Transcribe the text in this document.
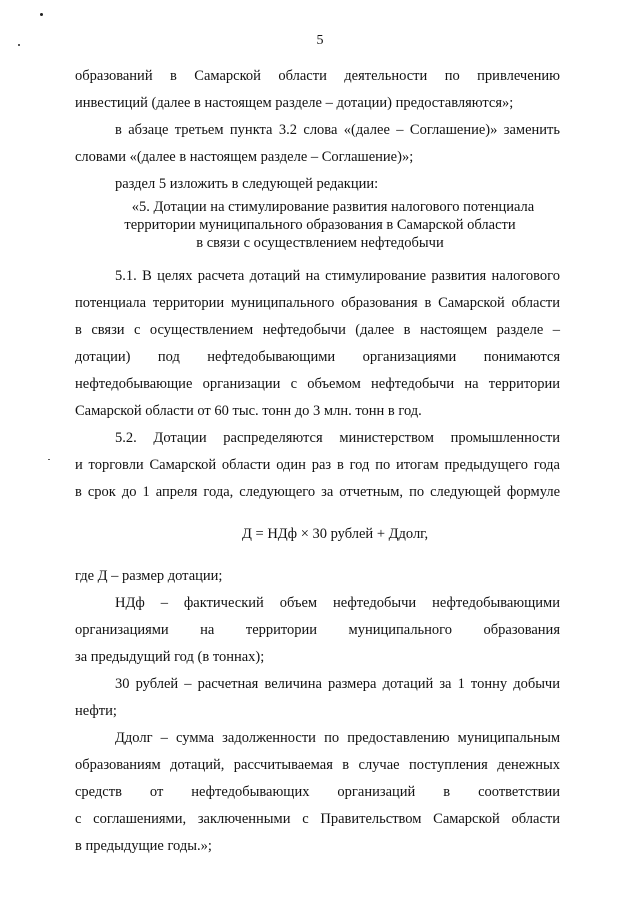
5
образований в Самарской области деятельности по привлечению
инвестиций (далее в настоящем разделе – дотации) предоставляются»;
в абзаце третьем пункта 3.2 слова «(далее – Соглашение)» заменить
словами «(далее в настоящем разделе – Соглашение)»;
раздел 5 изложить в следующей редакции:
«5. Дотации на стимулирование развития налогового потенциала
территории муниципального образования в Самарской области
в связи с осуществлением нефтедобычи
5.1. В целях расчета дотаций на стимулирование развития налогового
потенциала территории муниципального образования в Самарской области
в связи с осуществлением нефтедобычи (далее в настоящем разделе –
дотации) под нефтедобывающими организациями понимаются
нефтедобывающие организации с объемом нефтедобычи на территории
Самарской области от 60 тыс. тонн до 3 млн. тонн в год.
5.2. Дотации распределяются министерством промышленности
и торговли Самарской области один раз в год по итогам предыдущего года
в срок до 1 апреля года, следующего за отчетным, по следующей формуле
Д = НДф × 30 рублей + Ддолг,
где Д – размер дотации;
НДф – фактический объем нефтедобычи нефтедобывающими
организациями на территории муниципального образования
за предыдущий год (в тоннах);
30 рублей – расчетная величина размера дотаций за 1 тонну добычи
нефти;
Ддолг – сумма задолженности по предоставлению муниципальным
образованиям дотаций, рассчитываемая в случае поступления денежных
средств от нефтедобывающих организаций в соответствии
с соглашениями, заключенными с Правительством Самарской области
в предыдущие годы.»;
